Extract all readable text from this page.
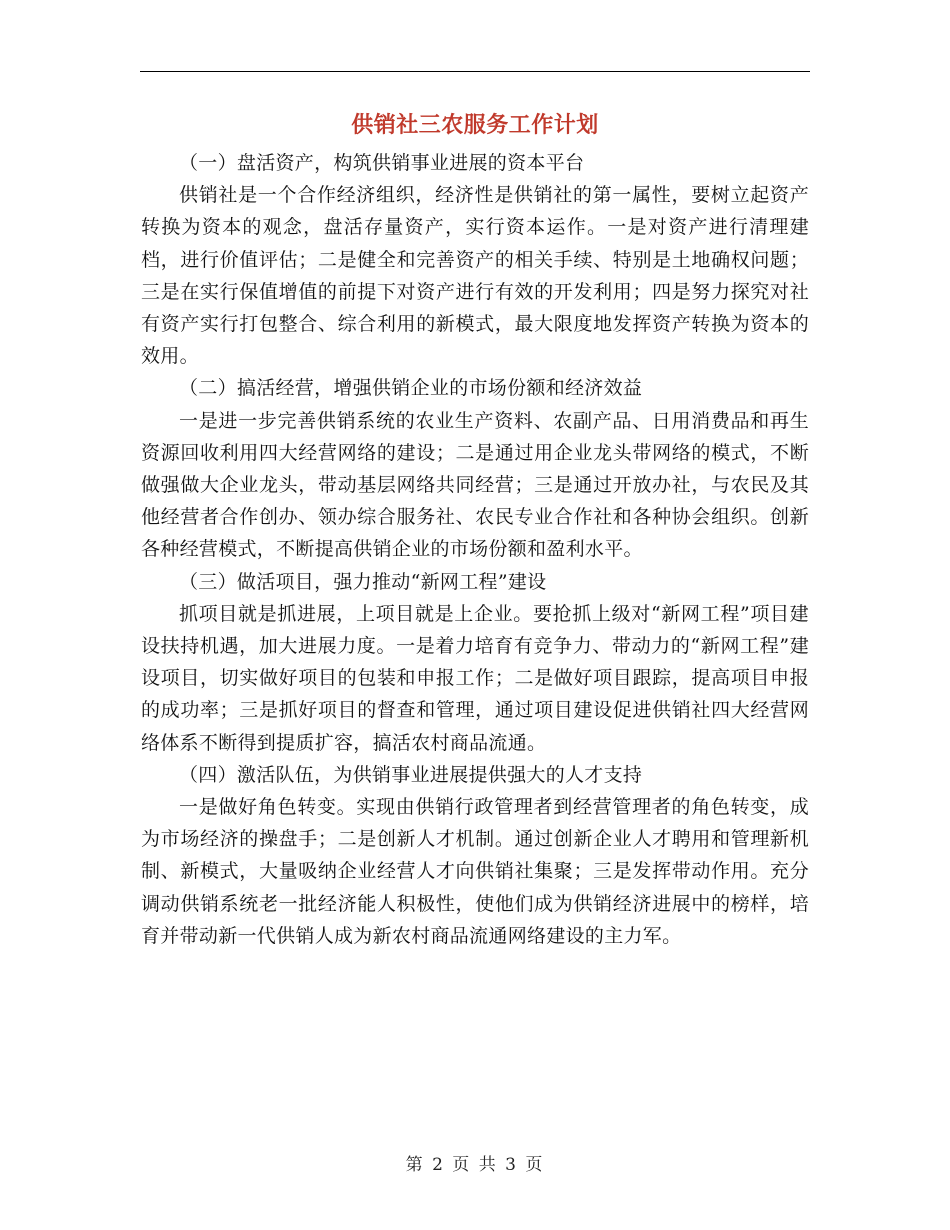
供销社三农服务工作计划

（一）盘活资产，构筑供销事业进展的资本平台

供销社是一个合作经济组织，经济性是供销社的第一属性，要树立起资产转换为资本的观念，盘活存量资产，实行资本运作。一是对资产进行清理建档，进行价值评估；二是健全和完善资产的相关手续、特别是土地确权问题；三是在实行保值增值的前提下对资产进行有效的开发利用；四是努力探究对社有资产实行打包整合、综合利用的新模式，最大限度地发挥资产转换为资本的效用。

（二）搞活经营，增强供销企业的市场份额和经济效益

一是进一步完善供销系统的农业生产资料、农副产品、日用消费品和再生资源回收利用四大经营网络的建设；二是通过用企业龙头带网络的模式，不断做强做大企业龙头，带动基层网络共同经营；三是通过开放办社，与农民及其他经营者合作创办、领办综合服务社、农民专业合作社和各种协会组织。创新各种经营模式，不断提高供销企业的市场份额和盈利水平。

（三）做活项目，强力推动“新网工程”建设

抓项目就是抓进展，上项目就是上企业。要抢抓上级对“新网工程”项目建设扶持机遇，加大进展力度。一是着力培育有竞争力、带动力的“新网工程”建设项目，切实做好项目的包装和申报工作；二是做好项目跟踪，提高项目申报的成功率；三是抓好项目的督查和管理，通过项目建设促进供销社四大经营网络体系不断得到提质扩容，搞活农村商品流通。

（四）激活队伍，为供销事业进展提供强大的人才支持

一是做好角色转变。实现由供销行政管理者到经营管理者的角色转变，成为市场经济的操盘手；二是创新人才机制。通过创新企业人才聘用和管理新机制、新模式，大量吸纳企业经营人才向供销社集聚；三是发挥带动作用。充分调动供销系统老一批经济能人积极性，使他们成为供销经济进展中的榜样，培育并带动新一代供销人成为新农村商品流通网络建设的主力军。

第 2 页 共 3 页
